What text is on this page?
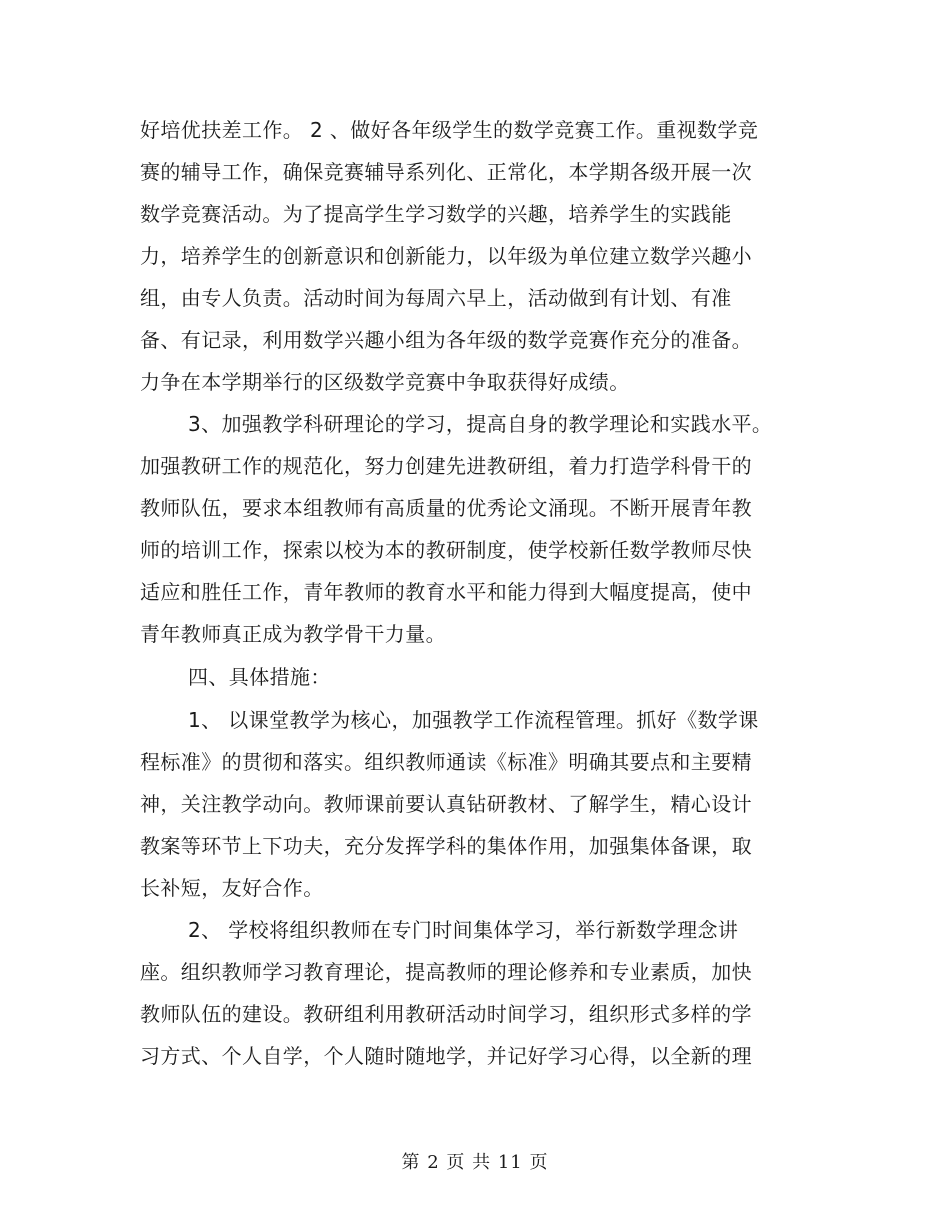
好培优扶差工作。 2 、做好各年级学生的数学竞赛工作。重视数学竞
赛的辅导工作，确保竞赛辅导系列化、正常化，本学期各级开展一次
数学竞赛活动。为了提高学生学习数学的兴趣，培养学生的实践能
力，培养学生的创新意识和创新能力，以年级为单位建立数学兴趣小
组，由专人负责。活动时间为每周六早上，活动做到有计划、有准
备、有记录，利用数学兴趣小组为各年级的数学竞赛作充分的准备。
力争在本学期举行的区级数学竞赛中争取获得好成绩。
3、加强教学科研理论的学习，提高自身的教学理论和实践水平。
加强教研工作的规范化，努力创建先进教研组，着力打造学科骨干的
教师队伍，要求本组教师有高质量的优秀论文涌现。不断开展青年教
师的培训工作，探索以校为本的教研制度，使学校新任数学教师尽快
适应和胜任工作，青年教师的教育水平和能力得到大幅度提高，使中
青年教师真正成为教学骨干力量。
四、具体措施：
1、 以课堂教学为核心，加强教学工作流程管理。抓好《数学课
程标准》的贯彻和落实。组织教师通读《标准》明确其要点和主要精
神，关注教学动向。教师课前要认真钻研教材、了解学生，精心设计
教案等环节上下功夫，充分发挥学科的集体作用，加强集体备课，取
长补短，友好合作。
2、 学校将组织教师在专门时间集体学习，举行新数学理念讲
座。组织教师学习教育理论，提高教师的理论修养和专业素质，加快
教师队伍的建设。教研组利用教研活动时间学习，组织形式多样的学
习方式、个人自学，个人随时随地学，并记好学习心得，以全新的理
第 2 页 共 11 页
